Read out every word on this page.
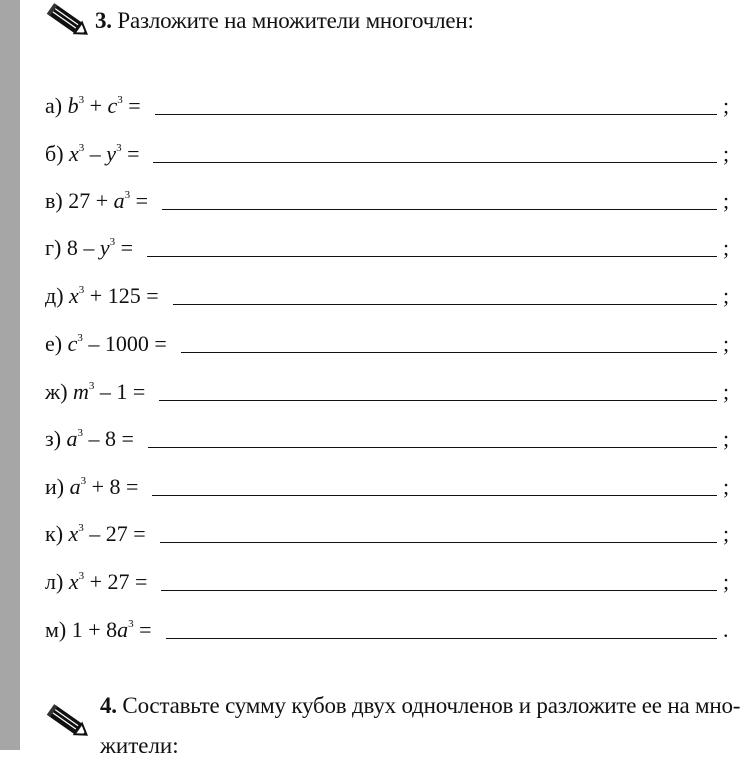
3. Разложите на множители многочлен:
а) $b^3 + c^3$ =	;
б) $x^3 - y^3$ =	;
в) $27 + a^3$ =	;
г) $8 - y^3$ =	;
д) $x^3 + 125$ =	;
е) $c^3 - 1000$ =	;
ж) $m^3 - 1$ =	;
з) $a^3 - 8$ =	;
и) $a^3 + 8$ =	;
к) $x^3 - 27$ =	;
л) $x^3 + 27$ =	;
м) $1 + 8a^3$ =	.
4. Составьте сумму кубов двух одночленов и разложите ее на мно-
жители:
